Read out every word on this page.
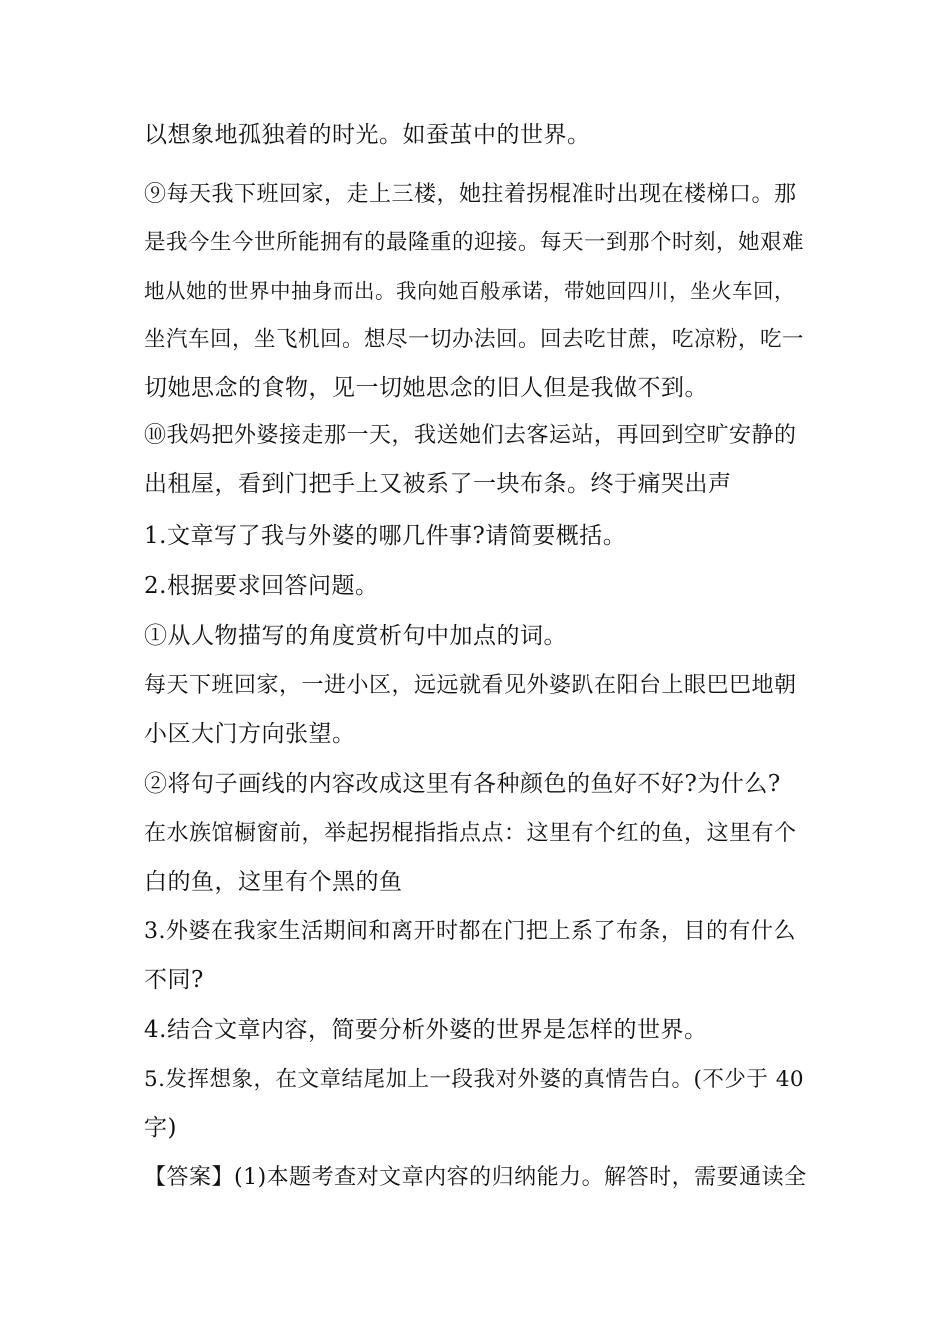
以想象地孤独着的时光。如蚕茧中的世界。
⑨每天我下班回家，走上三楼，她拄着拐棍准时出现在楼梯口。那
是我今生今世所能拥有的最隆重的迎接。每天一到那个时刻，她艰难
地从她的世界中抽身而出。我向她百般承诺，带她回四川，坐火车回，
坐汽车回，坐飞机回。想尽一切办法回。回去吃甘蔗，吃凉粉，吃一
切她思念的食物，见一切她思念的旧人但是我做不到。
⑩我妈把外婆接走那一天，我送她们去客运站，再回到空旷安静的
出租屋，看到门把手上又被系了一块布条。终于痛哭出声
1.文章写了我与外婆的哪几件事?请简要概括。
2.根据要求回答问题。
①从人物描写的角度赏析句中加点的词。
每天下班回家，一进小区，远远就看见外婆趴在阳台上眼巴巴地朝
小区大门方向张望。
②将句子画线的内容改成这里有各种颜色的鱼好不好?为什么?
在水族馆橱窗前，举起拐棍指指点点：这里有个红的鱼，这里有个
白的鱼，这里有个黑的鱼
3.外婆在我家生活期间和离开时都在门把上系了布条，目的有什么
不同?
4.结合文章内容，简要分析外婆的世界是怎样的世界。
5.发挥想象，在文章结尾加上一段我对外婆的真情告白。(不少于 40
字)
【答案】(1)本题考查对文章内容的归纳能力。解答时，需要通读全
